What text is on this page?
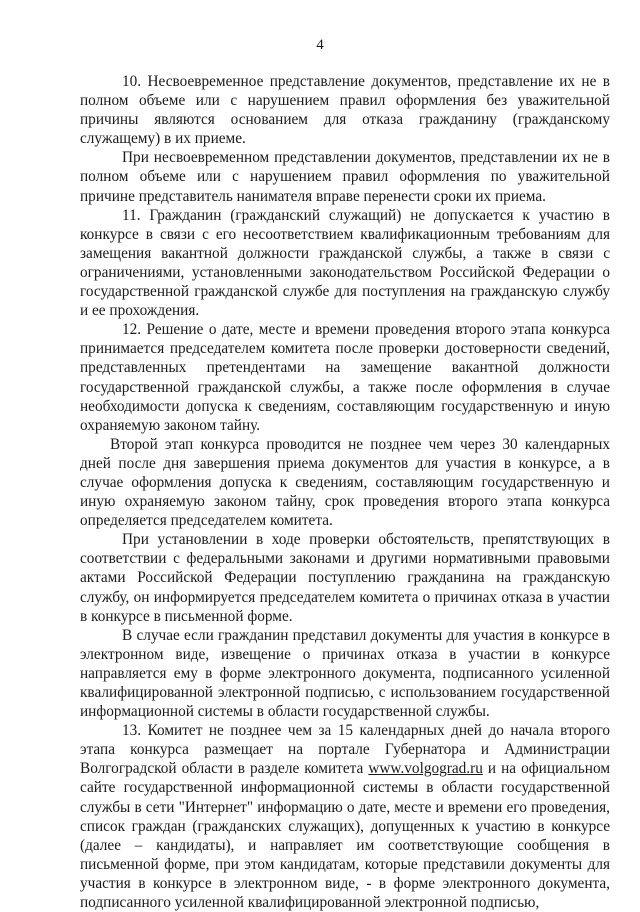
4

10. Несвоевременное представление документов, представление их не в полном объеме или с нарушением правил оформления без уважительной причины являются основанием для отказа гражданину (гражданскому служащему) в их приеме.

При несвоевременном представлении документов, представлении их не в полном объеме или с нарушением правил оформления по уважительной причине представитель нанимателя вправе перенести сроки их приема.

11. Гражданин (гражданский служащий) не допускается к участию в конкурсе в связи с его несоответствием квалификационным требованиям для замещения вакантной должности гражданской службы, а также в связи с ограничениями, установленными законодательством Российской Федерации о государственной гражданской службе для поступления на гражданскую службу и ее прохождения.

12. Решение о дате, месте и времени проведения второго этапа конкурса принимается председателем комитета после проверки достоверности сведений, представленных претендентами на замещение вакантной должности государственной гражданской службы, а также после оформления в случае необходимости допуска к сведениям, составляющим государственную и иную охраняемую законом тайну.

Второй этап конкурса проводится не позднее чем через 30 календарных дней после дня завершения приема документов для участия в конкурсе, а в случае оформления допуска к сведениям, составляющим государственную и иную охраняемую законом тайну, срок проведения второго этапа конкурса определяется председателем комитета.

При установлении в ходе проверки обстоятельств, препятствующих в соответствии с федеральными законами и другими нормативными правовыми актами Российской Федерации поступлению гражданина на гражданскую службу, он информируется председателем комитета о причинах отказа в участии в конкурсе в письменной форме.

В случае если гражданин представил документы для участия в конкурсе в электронном виде, извещение о причинах отказа в участии в конкурсе направляется ему в форме электронного документа, подписанного усиленной квалифицированной электронной подписью, с использованием государственной информационной системы в области государственной службы.

13. Комитет не позднее чем за 15 календарных дней до начала второго этапа конкурса размещает на портале Губернатора и Администрации Волгоградской области в разделе комитета www.volgograd.ru и на официальном сайте государственной информационной системы в области государственной службы в сети "Интернет" информацию о дате, месте и времени его проведения, список граждан (гражданских служащих), допущенных к участию в конкурсе (далее – кандидаты), и направляет им соответствующие сообщения в письменной форме, при этом кандидатам, которые представили документы для участия в конкурсе в электронном виде, - в форме электронного документа, подписанного усиленной квалифицированной электронной подписью,
